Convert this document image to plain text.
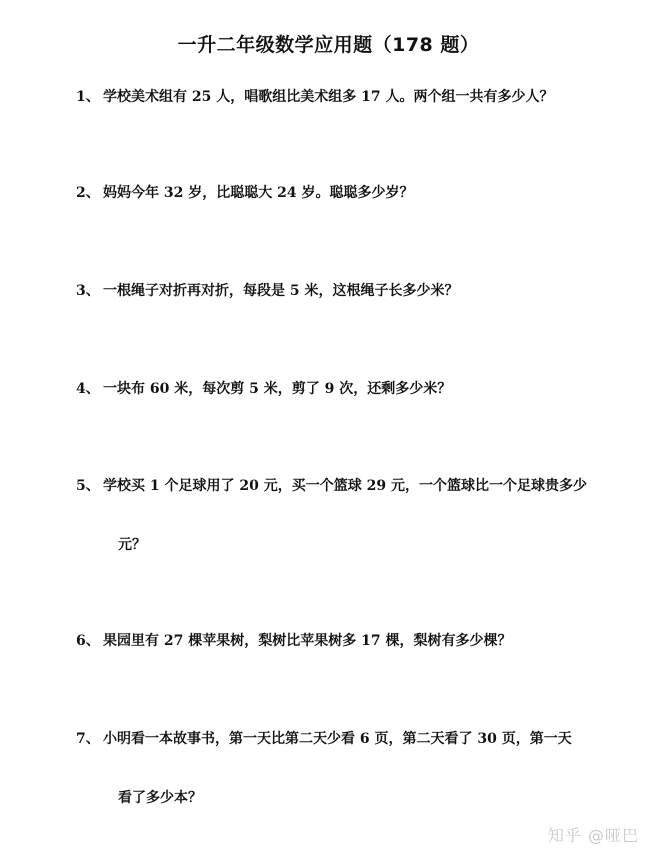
一升二年级数学应用题（178 题）
1、 学校美术组有 25 人，唱歌组比美术组多 17 人。两个组一共有多少人？
2、 妈妈今年 32 岁，比聪聪大 24 岁。聪聪多少岁？
3、 一根绳子对折再对折，每段是 5 米，这根绳子长多少米？
4、 一块布 60 米，每次剪 5 米，剪了 9 次，还剩多少米？
5、 学校买 1 个足球用了 20 元，买一个篮球 29 元，一个篮球比一个足球贵多少
元？
6、 果园里有 27 棵苹果树，梨树比苹果树多 17 棵，梨树有多少棵？
7、 小明看一本故事书，第一天比第二天少看 6 页，第二天看了 30 页，第一天
看了多少本？
知乎 @哑巴
